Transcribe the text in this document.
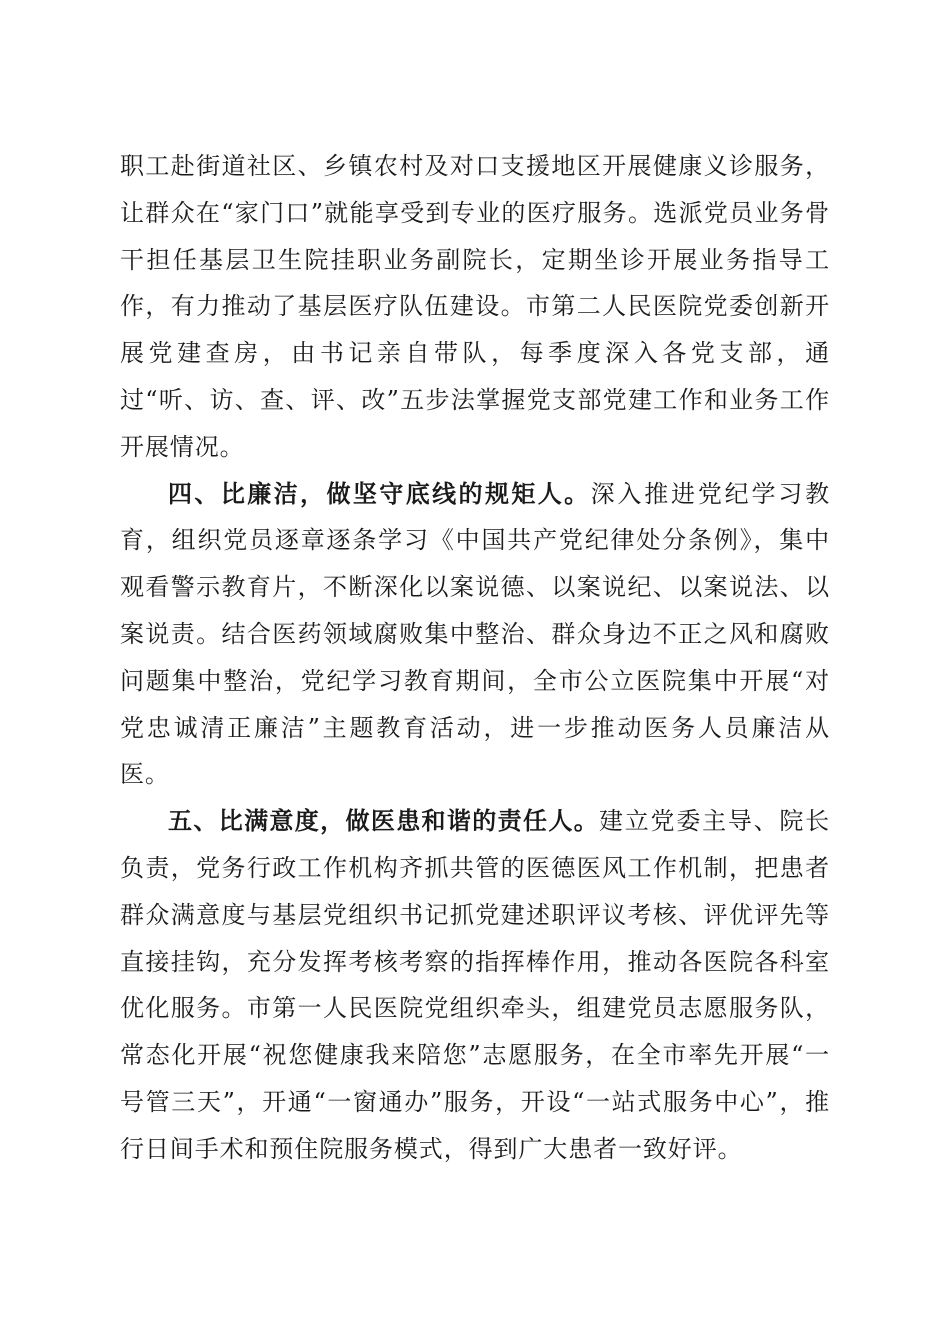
职工赴街道社区、乡镇农村及对口支援地区开展健康义诊服务，让群众在“家门口”就能享受到专业的医疗服务。选派党员业务骨干担任基层卫生院挂职业务副院长，定期坐诊开展业务指导工作，有力推动了基层医疗队伍建设。市第二人民医院党委创新开展党建查房，由书记亲自带队，每季度深入各党支部，通过“听、访、查、评、改”五步法掌握党支部党建工作和业务工作开展情况。

四、比廉洁，做坚守底线的规矩人。深入推进党纪学习教育，组织党员逐章逐条学习《中国共产党纪律处分条例》，集中观看警示教育片，不断深化以案说德、以案说纪、以案说法、以案说责。结合医药领域腐败集中整治、群众身边不正之风和腐败问题集中整治，党纪学习教育期间，全市公立医院集中开展“对党忠诚清正廉洁”主题教育活动，进一步推动医务人员廉洁从医。

五、比满意度，做医患和谐的责任人。建立党委主导、院长负责，党务行政工作机构齐抓共管的医德医风工作机制，把患者群众满意度与基层党组织书记抓党建述职评议考核、评优评先等直接挂钩，充分发挥考核考察的指挥棒作用，推动各医院各科室优化服务。市第一人民医院党组织牵头，组建党员志愿服务队，常态化开展“祝您健康我来陪您”志愿服务，在全市率先开展“一号管三天”，开通“一窗通办”服务，开设“一站式服务中心”，推行日间手术和预住院服务模式，得到广大患者一致好评。
